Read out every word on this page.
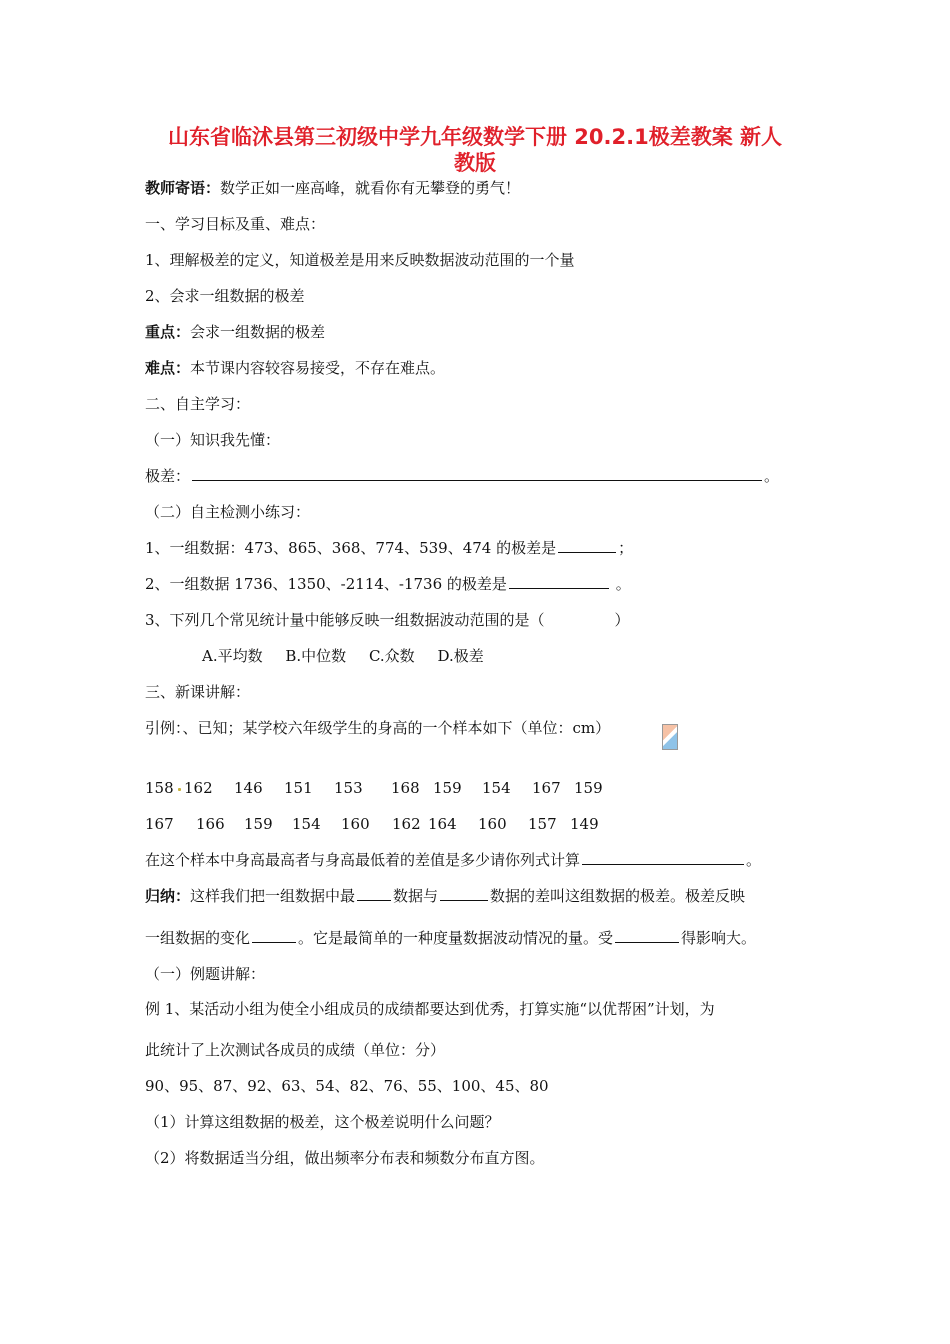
山东省临沭县第三初级中学九年级数学下册 20.2.1极差教案 新人
教版
教师寄语：数学正如一座高峰，就看你有无攀登的勇气！
一、学习目标及重、难点：
1、理解极差的定义，知道极差是用来反映数据波动范围的一个量
2、会求一组数据的极差
重点：会求一组数据的极差
难点：本节课内容较容易接受，不存在难点。
二、自主学习：
（一）知识我先懂：
极差：	。
（二）自主检测小练习：
1、一组数据：473、865、368、774、539、474 的极差是	；
2、一组数据 1736、1350、-2114、-1736 的极差是	。
3、下列几个常见统计量中能够反映一组数据波动范围的是（	）
A.平均数 B.中位数 C.众数 D.极差
三、新课讲解：
引例：、已知；某学校六年级学生的身高的一个样本如下（单位：cm）
158 162 146 151 153 168 159 154 167 159
167 166 159 154 160 162 164 160 157 149
在这个样本中身高最高者与身高最低着的差值是多少请你列式计算	。
归纳：这样我们把一组数据中最	数据与	数据的差叫这组数据的极差。极差反映
一组数据的变化	。它是最简单的一种度量数据波动情况的量。受	得影响大。
（一）例题讲解：
例 1、某活动小组为使全小组成员的成绩都要达到优秀，打算实施“以优帮困”计划，为
此统计了上次测试各成员的成绩（单位：分）
90、95、87、92、63、54、82、76、55、100、45、80
（1）计算这组数据的极差，这个极差说明什么问题？
（2）将数据适当分组，做出频率分布表和频数分布直方图。
